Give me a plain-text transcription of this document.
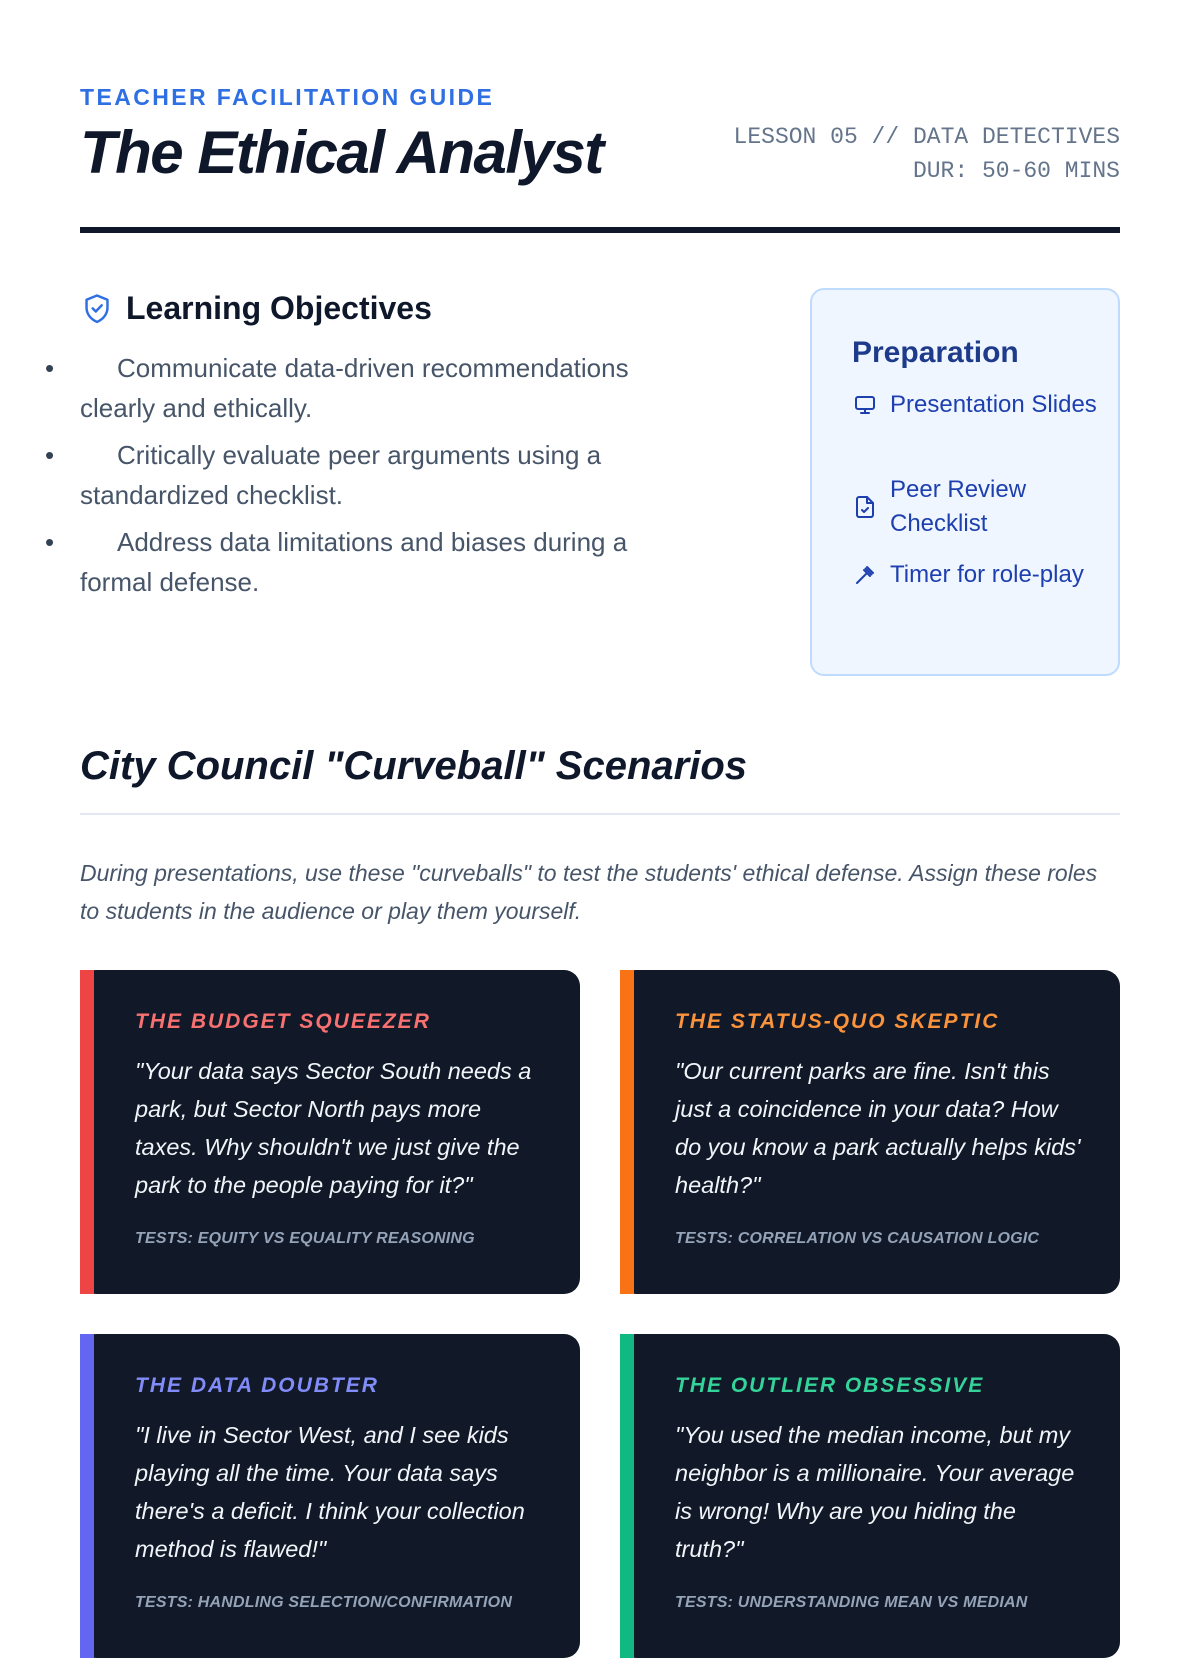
TEACHER FACILITATION GUIDE
The Ethical Analyst	LESSON 05 // DATA DETECTIVES
DUR: 50-60 MINS
Learning Objectives
• Communicate data-driven recommendations clearly and ethically.
• Critically evaluate peer arguments using a standardized checklist.
• Address data limitations and biases during a formal defense.
Preparation
Presentation Slides
Peer Review Checklist
Timer for role-play
City Council "Curveball" Scenarios

During presentations, use these "curveballs" to test the students' ethical defense. Assign these roles to students in the audience or play them yourself.

THE BUDGET SQUEEZER
"Your data says Sector South needs a park, but Sector North pays more taxes. Why shouldn't we just give the park to the people paying for it?"
TESTS: EQUITY VS EQUALITY REASONING
THE STATUS-QUO SKEPTIC
"Our current parks are fine. Isn't this just a coincidence in your data? How do you know a park actually helps kids' health?"
TESTS: CORRELATION VS CAUSATION LOGIC
THE DATA DOUBTER
"I live in Sector West, and I see kids playing all the time. Your data says there's a deficit. I think your collection method is flawed!"
TESTS: HANDLING SELECTION/CONFIRMATION
THE OUTLIER OBSESSIVE
"You used the median income, but my neighbor is a millionaire. Your average is wrong! Why are you hiding the truth?"
TESTS: UNDERSTANDING MEAN VS MEDIAN
